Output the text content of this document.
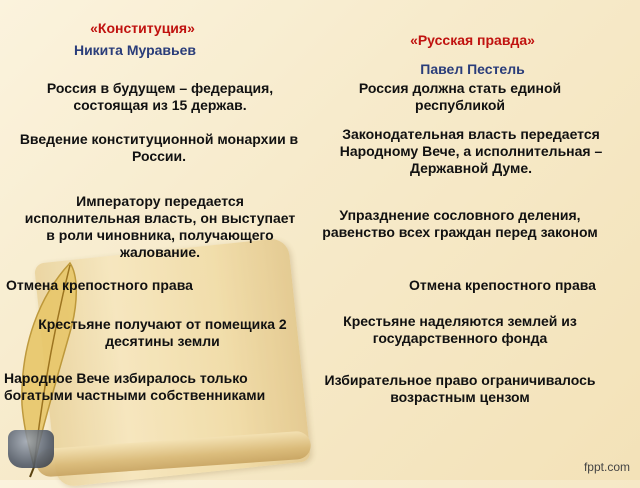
«Конституция»
Никита Муравьев
Россия в будущем – федерация, состоящая из 15 держав.
Введение конституционной монархии в России.
Императору передается исполнительная власть, он выступает в роли чиновника, получающего жалование.
Отмена крепостного права
Крестьяне получают от помещика 2 десятины земли
Народное Вече избиралось только богатыми частными собственниками
«Русская правда»
Павел Пестель
Россия должна стать единой республикой
Законодательная власть передается Народному Вече, а исполнительная – Державной Думе.
Упразднение сословного деления, равенство всех граждан перед законом
Отмена крепостного права
Крестьяне наделяются землей из государственного фонда
Избирательное право ограничивалось возрастным цензом
fppt.com
